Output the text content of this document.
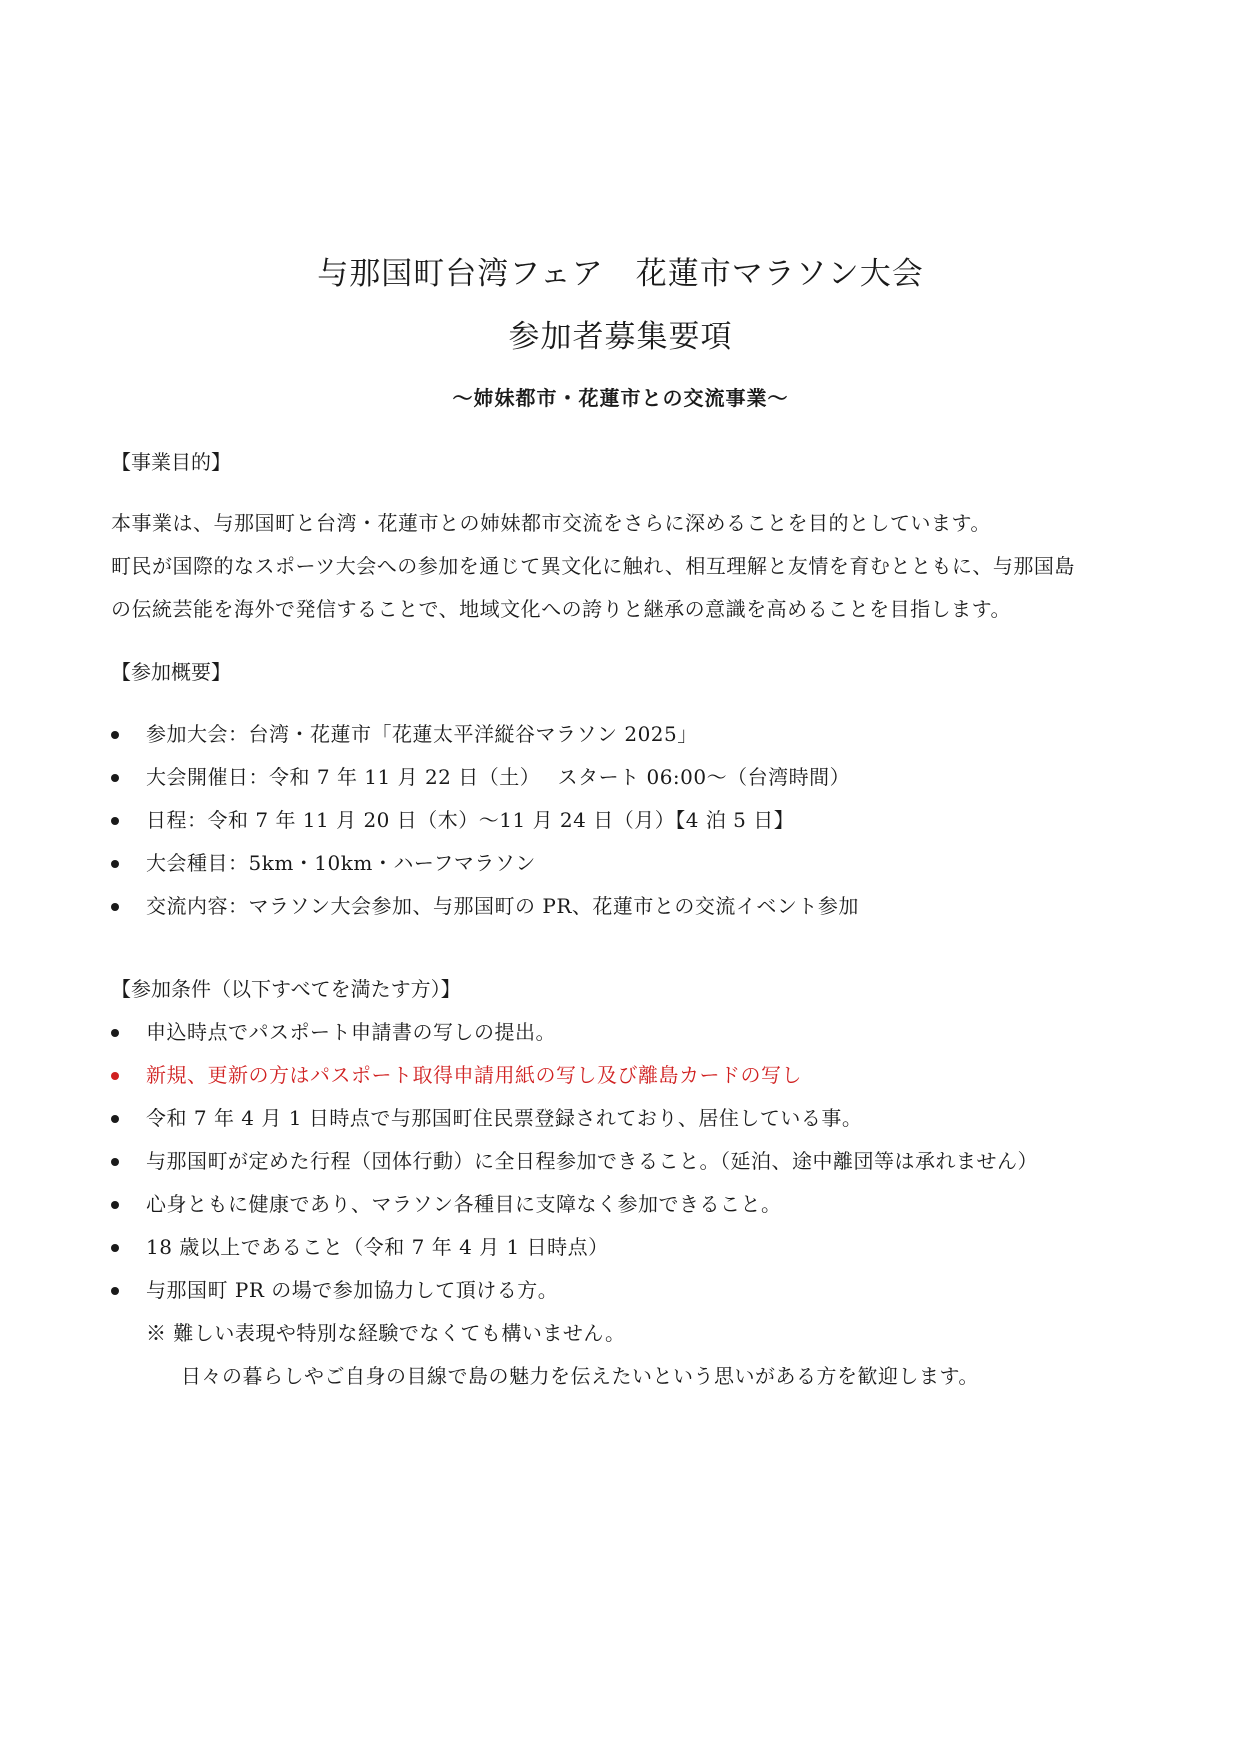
与那国町台湾フェア　花蓮市マラソン大会
参加者募集要項
〜姉妹都市・花蓮市との交流事業〜
【事業目的】
本事業は、与那国町と台湾・花蓮市との姉妹都市交流をさらに深めることを目的としています。
町民が国際的なスポーツ大会への参加を通じて異文化に触れ、相互理解と友情を育むとともに、与那国島
の伝統芸能を海外で発信することで、地域文化への誇りと継承の意識を高めることを目指します。
【参加概要】
参加大会：台湾・花蓮市「花蓮太平洋縦谷マラソン 2025」
大会開催日：令和 7 年 11 月 22 日（土）　 スタート 06:00〜（台湾時間）
日程：令和 7 年 11 月 20 日（木）〜11 月 24 日（月）【4 泊 5 日】
大会種目：5km・10km・ハーフマラソン
交流内容：マラソン大会参加、与那国町の PR、花蓮市との交流イベント参加
【参加条件（以下すべてを満たす方）】
申込時点でパスポート申請書の写しの提出。
新規、更新の方はパスポート取得申請用紙の写し及び離島カードの写し
令和 7 年 4 月 1 日時点で与那国町住民票登録されており、居住している事。
与那国町が定めた行程（団体行動）に全日程参加できること。（延泊、途中離団等は承れません）
心身ともに健康であり、マラソン各種目に支障なく参加できること。
18 歳以上であること（令和 7 年 4 月 1 日時点）
与那国町 PR の場で参加協力して頂ける方。
※ 難しい表現や特別な経験でなくても構いません。
日々の暮らしやご自身の目線で島の魅力を伝えたいという思いがある方を歓迎します。
